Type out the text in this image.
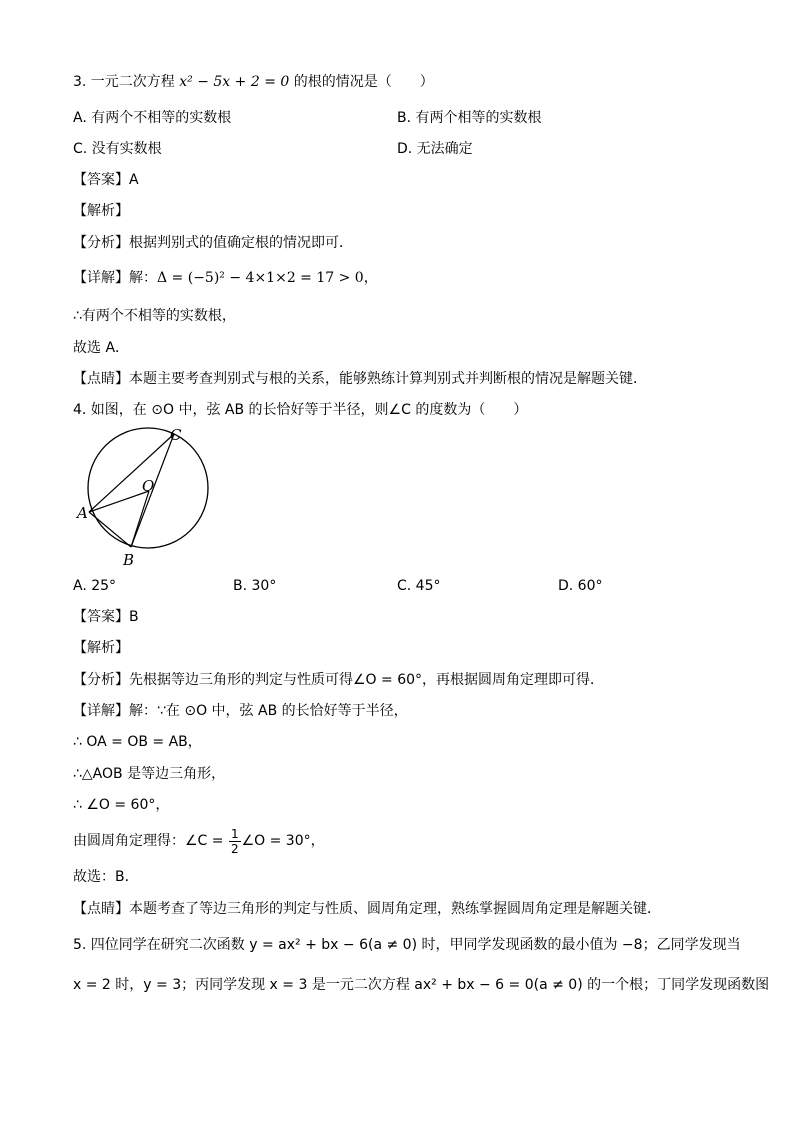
3. 一元二次方程 x² − 5x + 2 = 0 的根的情况是（　　）
A. 有两个不相等的实数根	B. 有两个相等的实数根
C. 没有实数根	D. 无法确定
【答案】A
【解析】
【分析】根据判别式的值确定根的情况即可．
【详解】解：Δ = (−5)² − 4×1×2 = 17 > 0，
∴有两个不相等的实数根，
故选 A．
【点睛】本题主要考查判别式与根的关系，能够熟练计算判别式并判断根的情况是解题关键．
4. 如图，在 ⊙O 中，弦 AB 的长恰好等于半径，则∠C 的度数为（　　）
C
O
A
B
A. 25°	B. 30°	C. 45°	D. 60°
【答案】B
【解析】
【分析】先根据等边三角形的判定与性质可得∠O = 60°，再根据圆周角定理即可得．
【详解】解：∵在 ⊙O 中，弦 AB 的长恰好等于半径，
∴ OA = OB = AB，
∴△AOB 是等边三角形，
∴ ∠O = 60°，
由圆周角定理得：∠C = $\frac{1}{2}$ ∠O = 30°，
故选：B．
【点睛】本题考查了等边三角形的判定与性质、圆周角定理，熟练掌握圆周角定理是解题关键．
5. 四位同学在研究二次函数 y = ax² + bx − 6(a ≠ 0) 时，甲同学发现函数的最小值为 −8；乙同学发现当
x = 2 时，y = 3；丙同学发现 x = 3 是一元二次方程 ax² + bx − 6 = 0(a ≠ 0) 的一个根；丁同学发现函数图
